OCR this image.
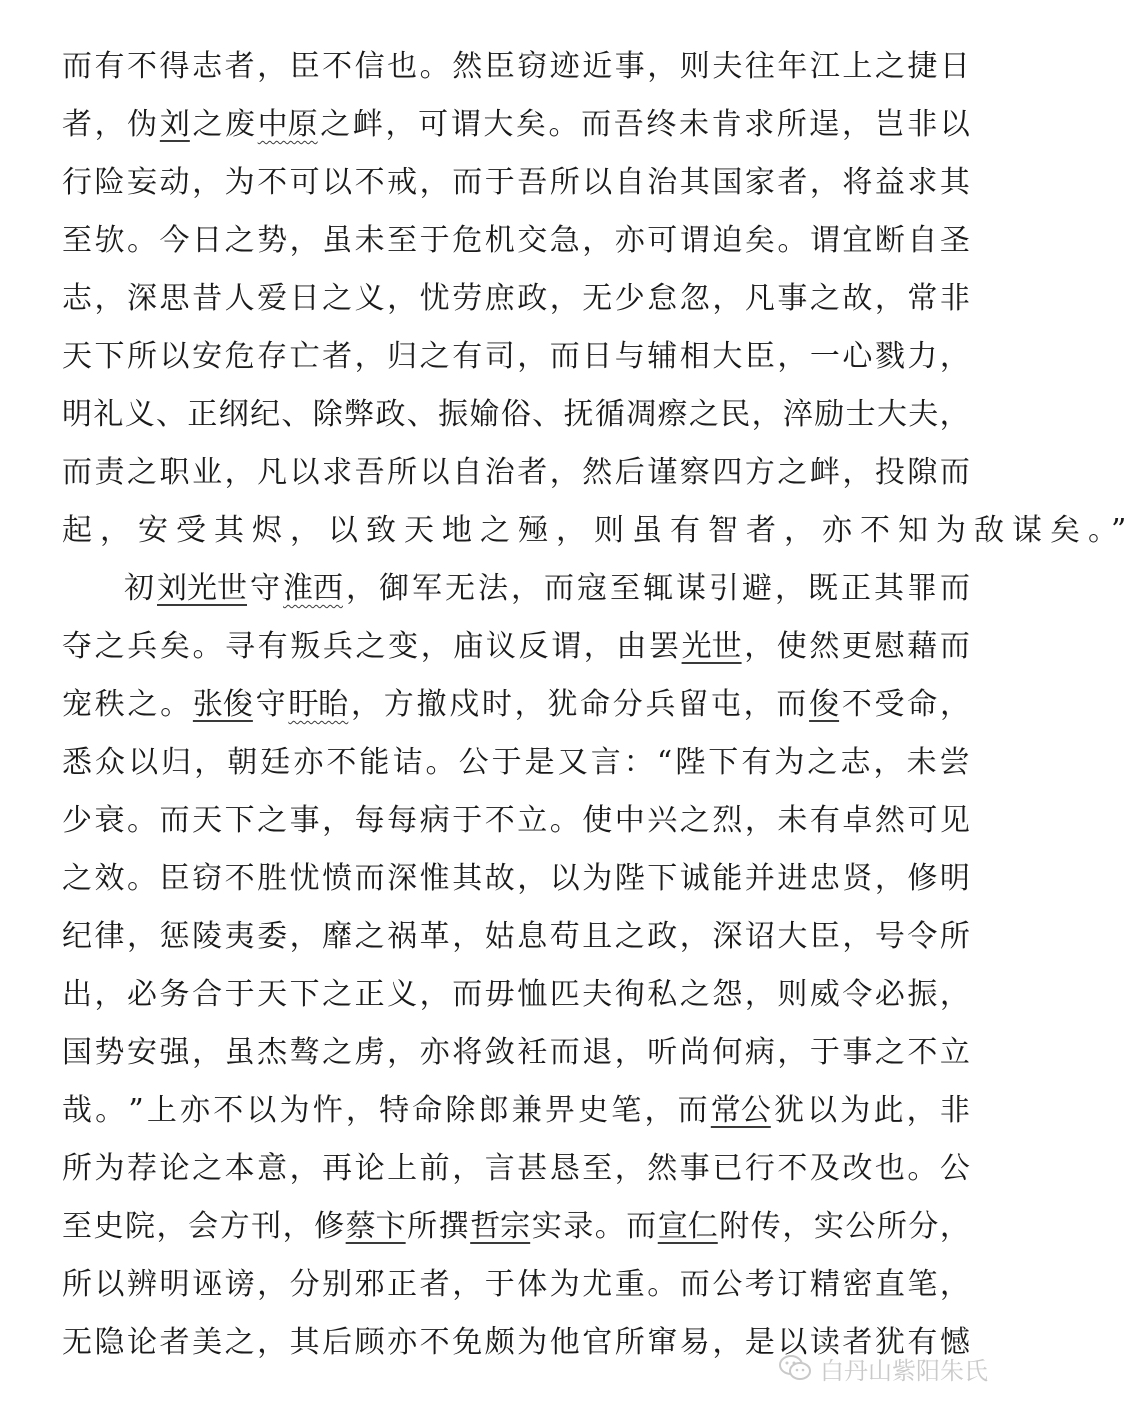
而 有 不 得 志 者 ， 臣 不 信 也 。 然 臣 窃 迹 近 事 ， 则 夫 往 年 江 上 之 捷 日
者 ， 伪 刘 之 废 中原 之 衅 ， 可 谓 大 矣 。 而 吾 终 未 肯 求 所 逞 ， 岂 非 以
行 险 妄 动 ， 为 不 可 以 不 戒 ， 而 于 吾 所 以 自 治 其 国 家 者 ， 将 益 求 其
至 欤 。 今 日 之 势 ， 虽 未 至 于 危 机 交 急 ， 亦 可 谓 迫 矣 。 谓 宜 断 自 圣
志 ， 深 思 昔 人 爱 日 之 义 ， 忧 劳 庶 政 ， 无 少 怠 忽 ， 凡 事 之 故 ， 常 非
天 下 所 以 安 危 存 亡 者 ， 归 之 有 司 ， 而 日 与 辅 相 大 臣 ， 一 心 戮 力 ，
明 礼 义 、 正 纲 纪 、 除 弊 政 、 振 媮 俗 、 抚 循 凋 瘵 之 民 ， 淬 励 士 大 夫 ，
而 责 之 职 业 ， 凡 以 求 吾 所 以 自 治 者 ， 然 后 谨 察 四 方 之 衅 ， 投 隙 而
起，安受其烬，以致天地之殛，则虽有智者，亦不知为敌谋矣。”
初 刘光世 守 淮西 ， 御 军 无 法 ， 而 寇 至 辄 谋 引 避 ， 既 正 其 罪 而
夺 之 兵 矣 。 寻 有 叛 兵 之 变 ， 庙 议 反 谓 ， 由 罢 光世 ， 使 然 更 慰 藉 而
宠 秩 之 。 张俊 守 盱眙 ， 方 撤 戍 时 ， 犹 命 分 兵 留 屯 ， 而 俊 不 受 命 ，
悉 众 以 归 ， 朝 廷 亦 不 能 诘 。 公 于 是 又 言 ： “ 陛 下 有 为 之 志 ， 未 尝
少 衰 。 而 天 下 之 事 ， 每 每 病 于 不 立 。 使 中 兴 之 烈 ， 未 有 卓 然 可 见
之 效 。 臣 窃 不 胜 忧 愤 而 深 惟 其 故 ， 以 为 陛 下 诚 能 并 进 忠 贤 ， 修 明
纪 律 ， 惩 陵 夷 委 ， 靡 之 祸 革 ， 姑 息 苟 且 之 政 ， 深 诏 大 臣 ， 号 令 所
出 ， 必 务 合 于 天 下 之 正 义 ， 而 毋 恤 匹 夫 徇 私 之 怨 ， 则 威 令 必 振 ，
国 势 安 强 ， 虽 杰 骜 之 虏 ， 亦 将 敛 衽 而 退 ， 听 尚 何 病 ， 于 事 之 不 立
哉 。 ” 上 亦 不 以 为 忤 ， 特 命 除 郎 兼 畀 史 笔 ， 而 常公 犹 以 为 此 ， 非
所 为 荐 论 之 本 意 ， 再 论 上 前 ， 言 甚 恳 至 ， 然 事 已 行 不 及 改 也 。 公
至 史 院 ， 会 方 刊 ， 修 蔡卞 所 撰 哲宗 实 录 。 而 宣仁 附 传 ， 实 公 所 分 ，
所 以 辨 明 诬 谤 ， 分 别 邪 正 者 ， 于 体 为 尤 重 。 而 公 考 订 精 密 直 笔 ，
无 隐 论 者 美 之 ， 其 后 顾 亦 不 免 颇 为 他 官 所 窜 易 ， 是 以 读 者 犹 有 憾
白丹山紫阳朱氏
